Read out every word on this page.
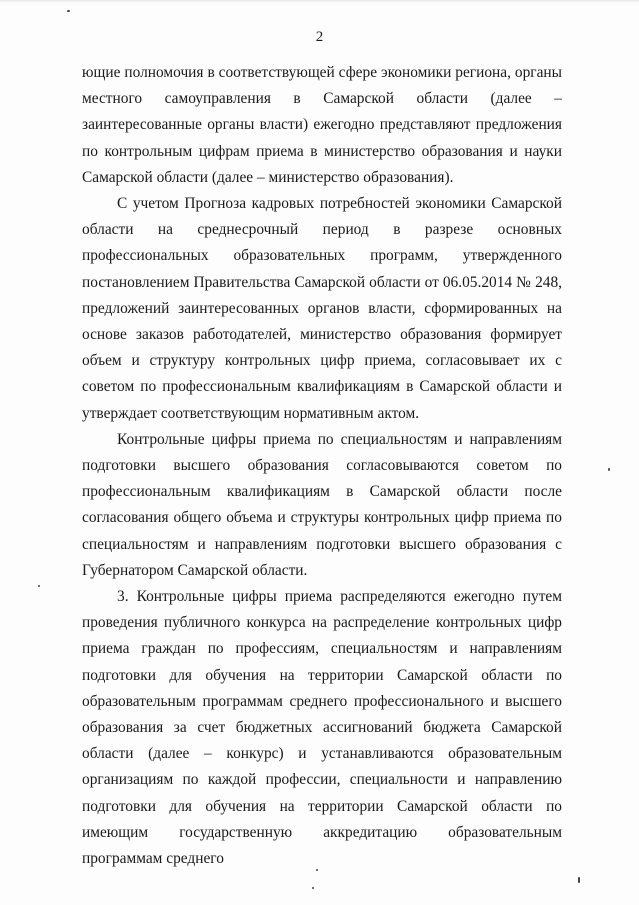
2

ющие полномочия в соответствующей сфере экономики региона, органы местного самоуправления в Самарской области (далее – заинтересованные органы власти) ежегодно представляют предложения по контрольным цифрам приема в министерство образования и науки Самарской области (далее – министерство образования).

С учетом Прогноза кадровых потребностей экономики Самарской области на среднесрочный период в разрезе основных профессиональных образовательных программ, утвержденного постановлением Правительства Самарской области от 06.05.2014 № 248, предложений заинтересованных органов власти, сформированных на основе заказов работодателей, министерство образования формирует объем и структуру контрольных цифр приема, согласовывает их с советом по профессиональным квалификациям в Самарской области и утверждает соответствующим нормативным актом.

Контрольные цифры приема по специальностям и направлениям подготовки высшего образования согласовываются советом по профессиональным квалификациям в Самарской области после согласования общего объема и структуры контрольных цифр приема по специальностям и направлениям подготовки высшего образования с Губернатором Самарской области.

3. Контрольные цифры приема распределяются ежегодно путем проведения публичного конкурса на распределение контрольных цифр приема граждан по профессиям, специальностям и направлениям подготовки для обучения на территории Самарской области по образовательным программам среднего профессионального и высшего образования за счет бюджетных ассигнований бюджета Самарской области (далее – конкурс) и устанавливаются образовательным организациям по каждой профессии, специальности и направлению подготовки для обучения на территории Самарской области по имеющим государственную аккредитацию образовательным программам среднего
